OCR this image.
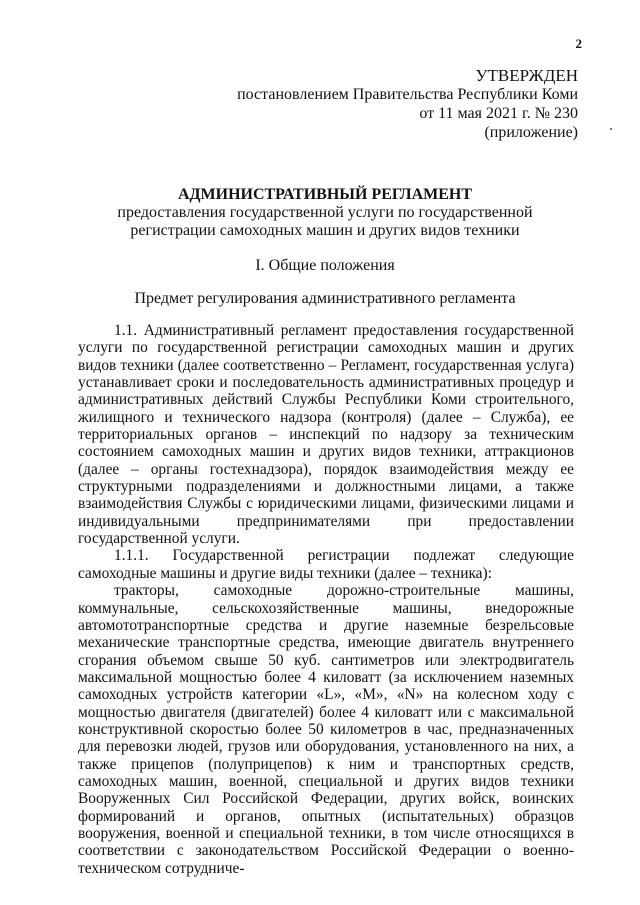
2
УТВЕРЖДЕН
постановлением Правительства Республики Коми
от 11 мая 2021 г. № 230
(приложение)
АДМИНИСТРАТИВНЫЙ РЕГЛАМЕНТ
предоставления государственной услуги по государственной
регистрации самоходных машин и других видов техники
I. Общие положения
Предмет регулирования административного регламента

1.1. Административный регламент предоставления государственной услуги по государственной регистрации самоходных машин и других видов техники (далее соответственно – Регламент, государственная услуга) устанавливает сроки и последовательность административных процедур и административных действий Службы Республики Коми строительного, жилищного и технического надзора (контроля) (далее – Служба), ее территориальных органов – инспекций по надзору за техническим состоянием самоходных машин и других видов техники, аттракционов (далее – органы гостехнадзора), порядок взаимодействия между ее структурными подразделениями и должностными лицами, а также взаимодействия Службы с юридическими лицами, физическими лицами и индивидуальными предпринимателями при предоставлении государственной услуги.

1.1.1. Государственной регистрации подлежат следующие самоходные машины и другие виды техники (далее – техника):

тракторы, самоходные дорожно-строительные машины, коммунальные, сельскохозяйственные машины, внедорожные автомототранспортные средства и другие наземные безрельсовые механические транспортные средства, имеющие двигатель внутреннего сгорания объемом свыше 50 куб. сантиметров или электродвигатель максимальной мощностью более 4 киловатт (за исключением наземных самоходных устройств категории «L», «M», «N» на колесном ходу с мощностью двигателя (двигателей) более 4 киловатт или с максимальной конструктивной скоростью более 50 километров в час, предназначенных для перевозки людей, грузов или оборудования, установленного на них, а также прицепов (полуприцепов) к ним и транспортных средств, самоходных машин, военной, специальной и других видов техники Вооруженных Сил Российской Федерации, других войск, воинских формирований и органов, опытных (испытательных) образцов вооружения, военной и специальной техники, в том числе относящихся в соответствии с законодательством Российской Федерации о военно-техническом сотрудниче-
